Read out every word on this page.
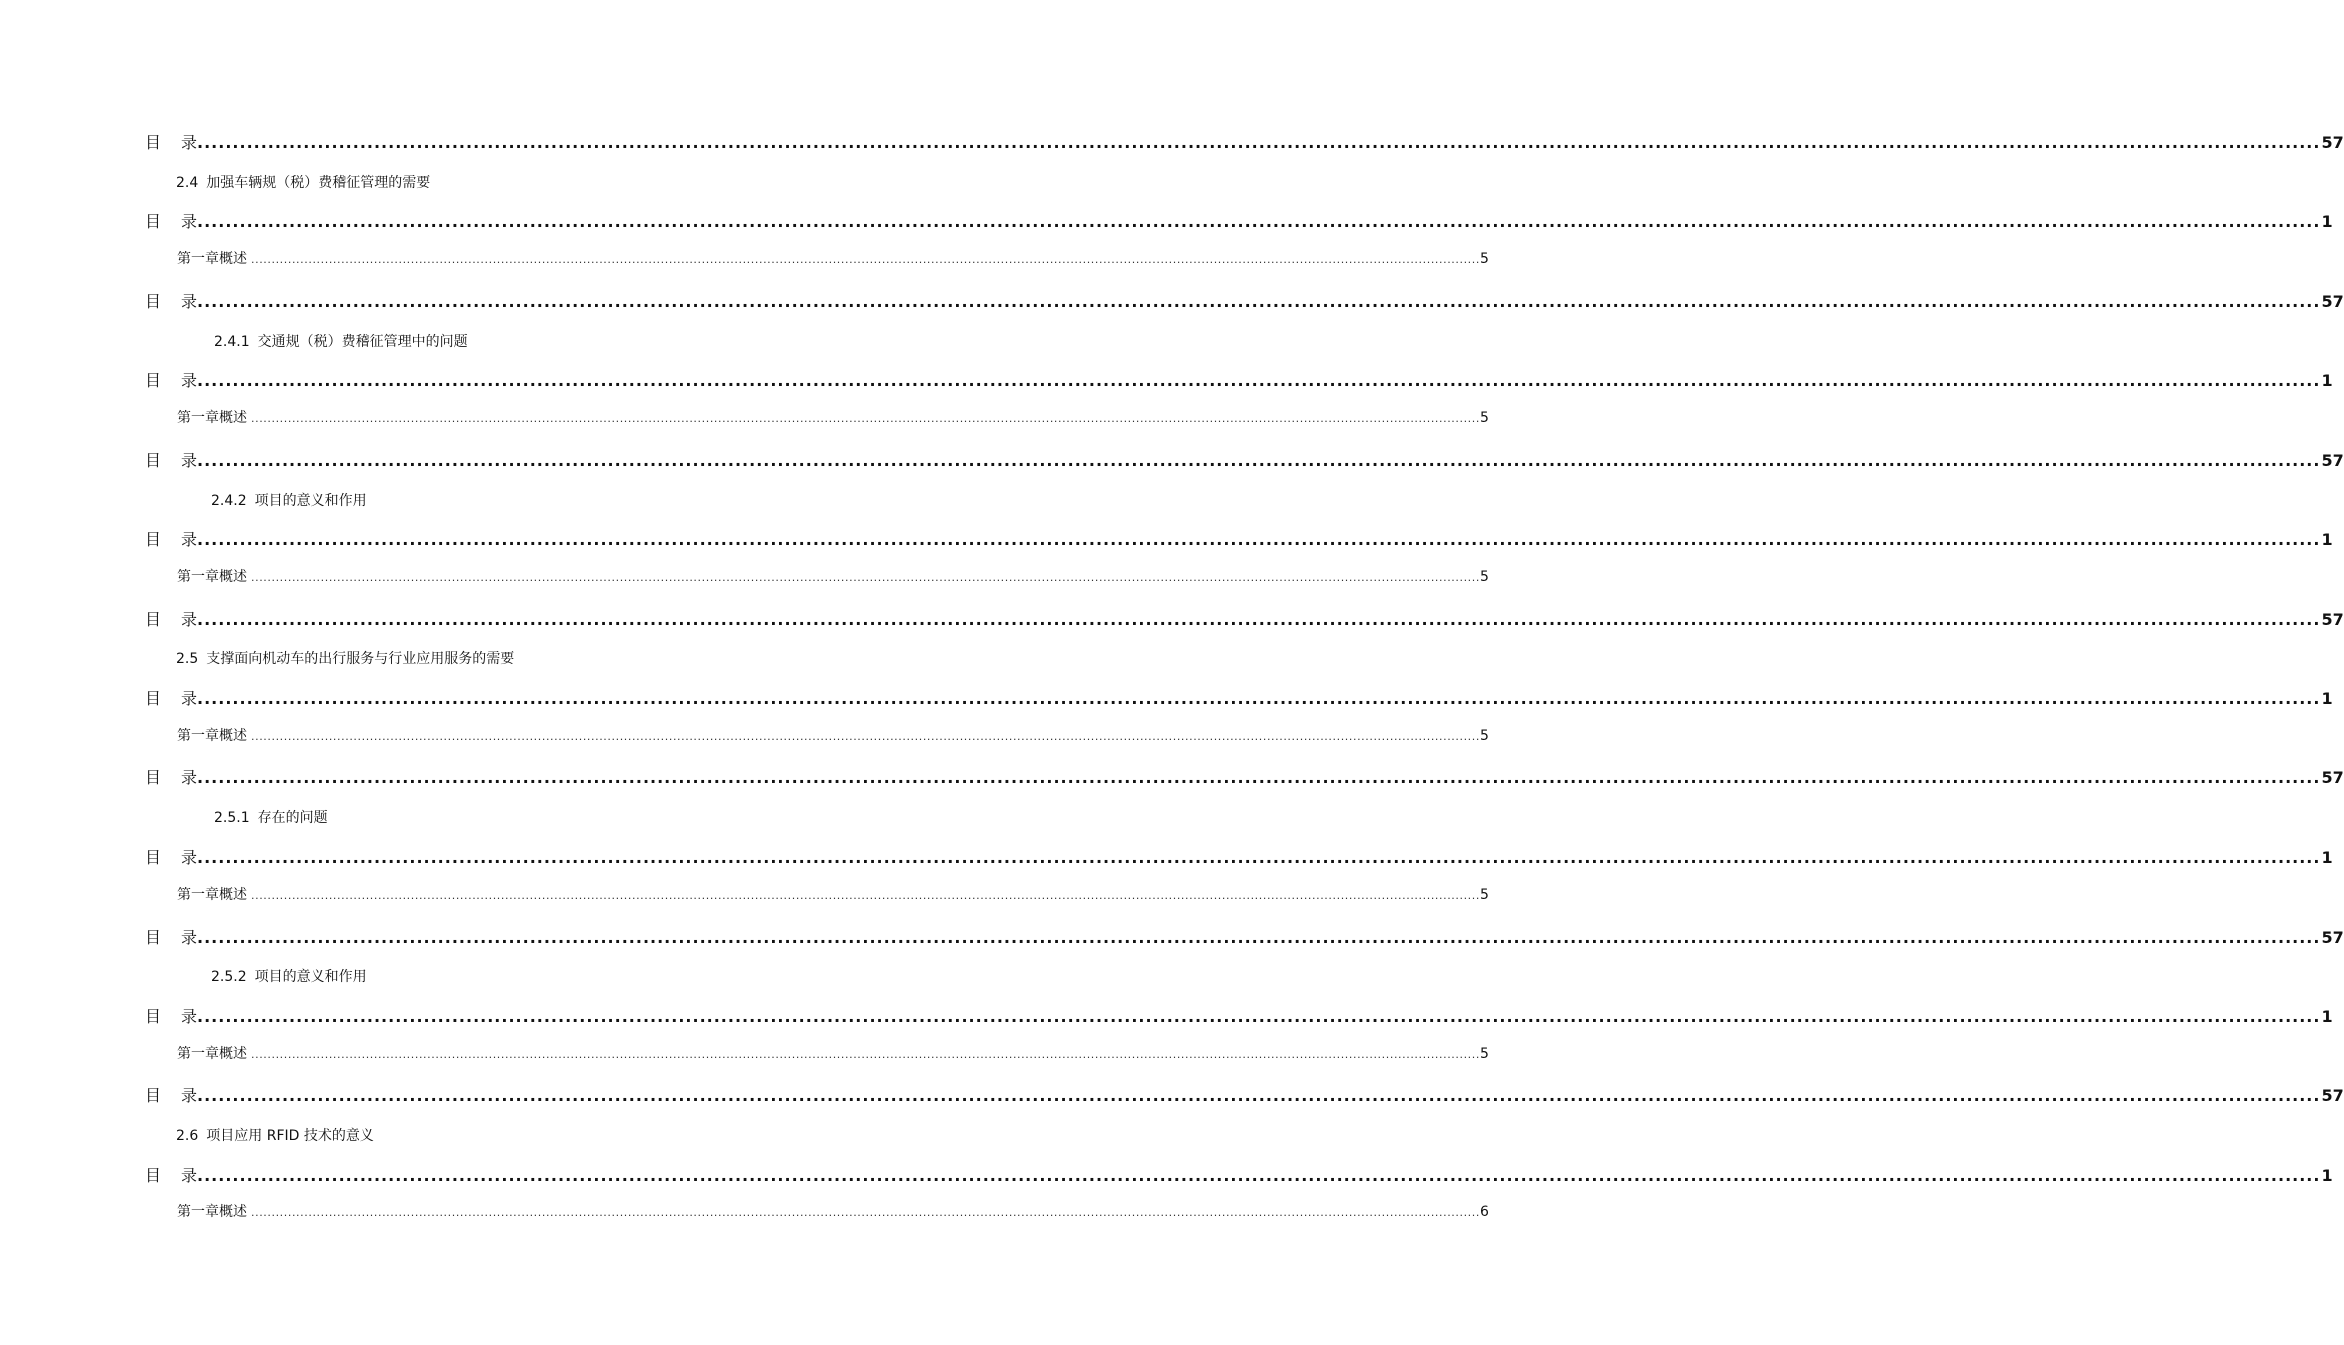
目	录 ............................................................................................................................................................................................................................................................................................................ 57
2.4 加强车辆规（税）费稽征管理的需要
目	录 ............................................................................................................................................................................................................................................................................................................ 1
第一章 概述 ............................................................................................................................................................................................................................................................................................................ 5
目	录 ............................................................................................................................................................................................................................................................................................................ 57
2.4.1 交通规（税）费稽征管理中的问题
目	录 ............................................................................................................................................................................................................................................................................................................ 1
第一章 概述 ............................................................................................................................................................................................................................................................................................................ 5
目	录 ............................................................................................................................................................................................................................................................................................................ 57
2.4.2 项目的意义和作用
目	录 ............................................................................................................................................................................................................................................................................................................ 1
第一章 概述 ............................................................................................................................................................................................................................................................................................................ 5
目	录 ............................................................................................................................................................................................................................................................................................................ 57
2.5 支撑面向机动车的出行服务与行业应用服务的需要
目	录 ............................................................................................................................................................................................................................................................................................................ 1
第一章 概述 ............................................................................................................................................................................................................................................................................................................ 5
目	录 ............................................................................................................................................................................................................................................................................................................ 57
2.5.1 存在的问题
目	录 ............................................................................................................................................................................................................................................................................................................ 1
第一章 概述 ............................................................................................................................................................................................................................................................................................................ 5
目	录 ............................................................................................................................................................................................................................................................................................................ 57
2.5.2 项目的意义和作用
目	录 ............................................................................................................................................................................................................................................................................................................ 1
第一章 概述 ............................................................................................................................................................................................................................................................................................................ 5
目	录 ............................................................................................................................................................................................................................................................................................................ 57
2.6 项目应用 RFID 技术的意义
目	录 ............................................................................................................................................................................................................................................................................................................ 1
第一章 概述 ............................................................................................................................................................................................................................................................................................................ 6
